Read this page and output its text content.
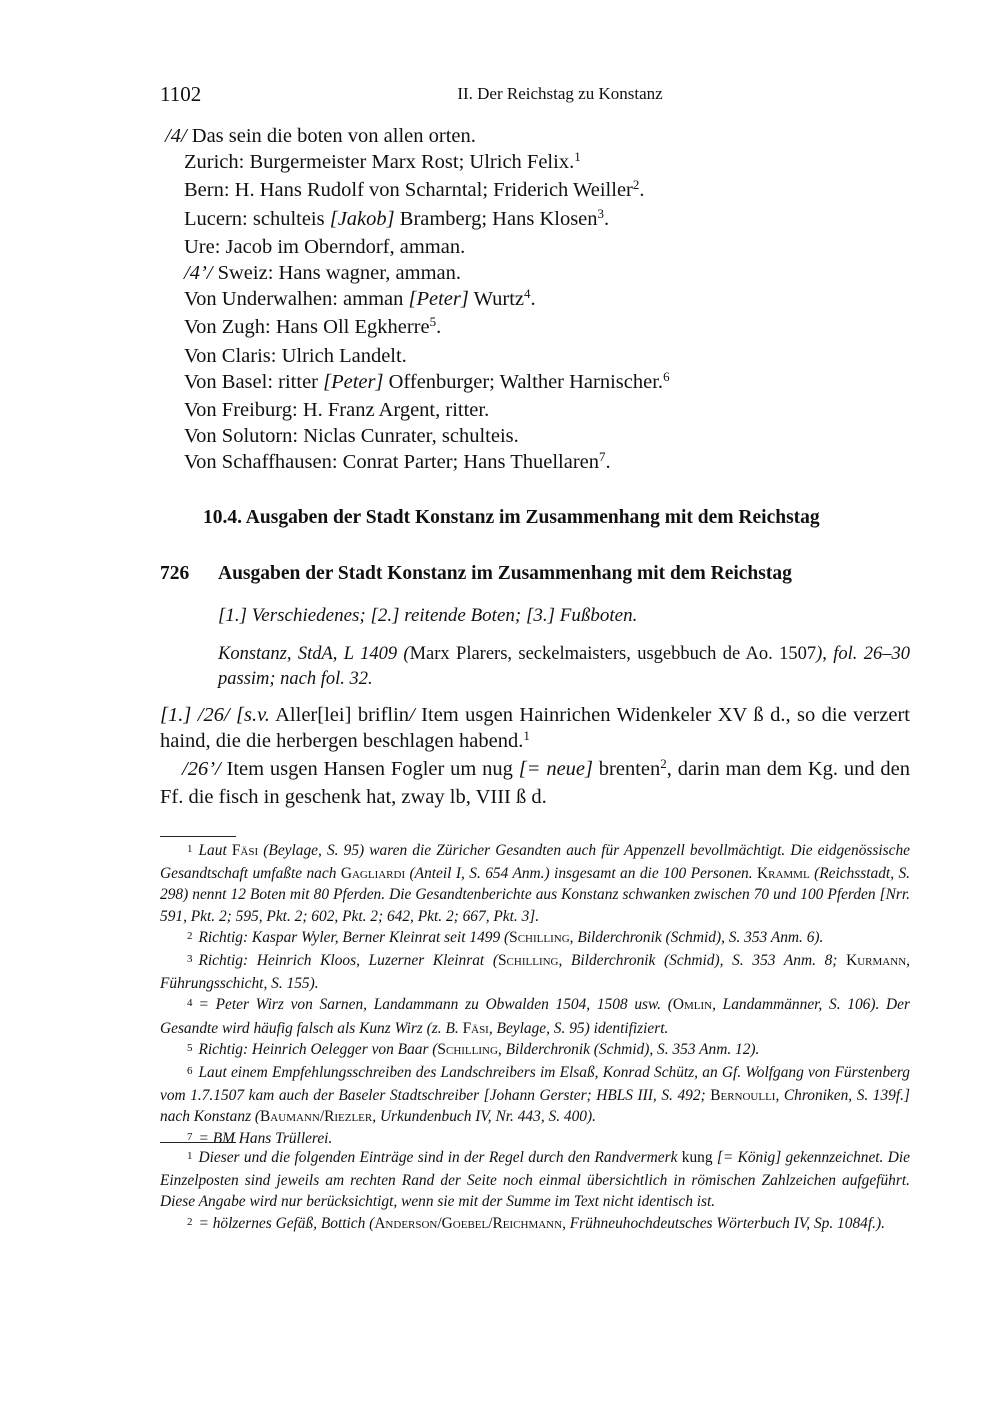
1102	II. Der Reichstag zu Konstanz
/4/ Das sein die boten von allen orten.
Zurich: Burgermeister Marx Rost; Ulrich Felix.$^1$
Bern: H. Hans Rudolf von Scharntal; Friderich Weiller$^2$.
Lucern: schulteis [Jakob] Bramberg; Hans Klosen$^3$.
Ure: Jacob im Oberndorf, amman.
/4’/ Sweiz: Hans wagner, amman.
Von Underwalhen: amman [Peter] Wurtz$^4$.
Von Zugh: Hans Oll Egkherre$^5$.
Von Claris: Ulrich Landelt.
Von Basel: ritter [Peter] Offenburger; Walther Harnischer.$^6$
Von Freiburg: H. Franz Argent, ritter.
Von Solutorn: Niclas Cunrater, schulteis.
Von Schaffhausen: Conrat Parter; Hans Thuellaren$^7$.
10.4. Ausgaben der Stadt Konstanz im Zusammenhang mit dem Reichstag
726 Ausgaben der Stadt Konstanz im Zusammenhang mit dem Reichstag
[1.] Verschiedenes; [2.] reitende Boten; [3.] Fußboten.
Konstanz, StdA, L 1409 (Marx Plarers, seckelmaisters, usgebbuch de Ao. 1507), fol. 26–30 passim; nach fol. 32.

[1.] /26/ [s.v. Aller[lei] briflin/ Item usgen Hainrichen Widenkeler XV ß d., so die verzert haind, die die herbergen beschlagen habend.$^1$

/26’/ Item usgen Hansen Fogler um nug [= neue] brenten$^2$, darin man dem Kg. und den Ff. die fisch in geschenk hat, zway lb, VIII ß d.

1 Laut Fäsi (Beylage, S. 95) waren die Züricher Gesandten auch für Appenzell bevollmächtigt. Die eidgenössische Gesandtschaft umfaßte nach Gagliardi (Anteil I, S. 654 Anm.) insgesamt an die 100 Personen. Kramml (Reichsstadt, S. 298) nennt 12 Boten mit 80 Pferden. Die Gesandtenberichte aus Konstanz schwanken zwischen 70 und 100 Pferden [Nrr. 591, Pkt. 2; 595, Pkt. 2; 602, Pkt. 2; 642, Pkt. 2; 667, Pkt. 3].

2 Richtig: Kaspar Wyler, Berner Kleinrat seit 1499 (Schilling, Bilderchronik (Schmid), S. 353 Anm. 6).

3 Richtig: Heinrich Kloos, Luzerner Kleinrat (Schilling, Bilderchronik (Schmid), S. 353 Anm. 8; Kurmann, Führungsschicht, S. 155).

4 = Peter Wirz von Sarnen, Landammann zu Obwalden 1504, 1508 usw. (Omlin, Landammänner, S. 106). Der Gesandte wird häufig falsch als Kunz Wirz (z. B. Fäsi, Beylage, S. 95) identifiziert.

5 Richtig: Heinrich Oelegger von Baar (Schilling, Bilderchronik (Schmid), S. 353 Anm. 12).

6 Laut einem Empfehlungsschreiben des Landschreibers im Elsaß, Konrad Schütz, an Gf. Wolfgang von Fürstenberg vom 1.7.1507 kam auch der Baseler Stadtschreiber [Johann Gerster; HBLS III, S. 492; Bernoulli, Chroniken, S. 139f.] nach Konstanz (Baumann/Riezler, Urkundenbuch IV, Nr. 443, S. 400).

7 = BM Hans Trüllerei.

1 Dieser und die folgenden Einträge sind in der Regel durch den Randvermerk kung [= König] gekennzeichnet. Die Einzelposten sind jeweils am rechten Rand der Seite noch einmal übersichtlich in römischen Zahlzeichen aufgeführt. Diese Angabe wird nur berücksichtigt, wenn sie mit der Summe im Text nicht identisch ist.

2 = hölzernes Gefäß, Bottich (Anderson/Goebel/Reichmann, Frühneuhochdeutsches Wörterbuch IV, Sp. 1084f.).
